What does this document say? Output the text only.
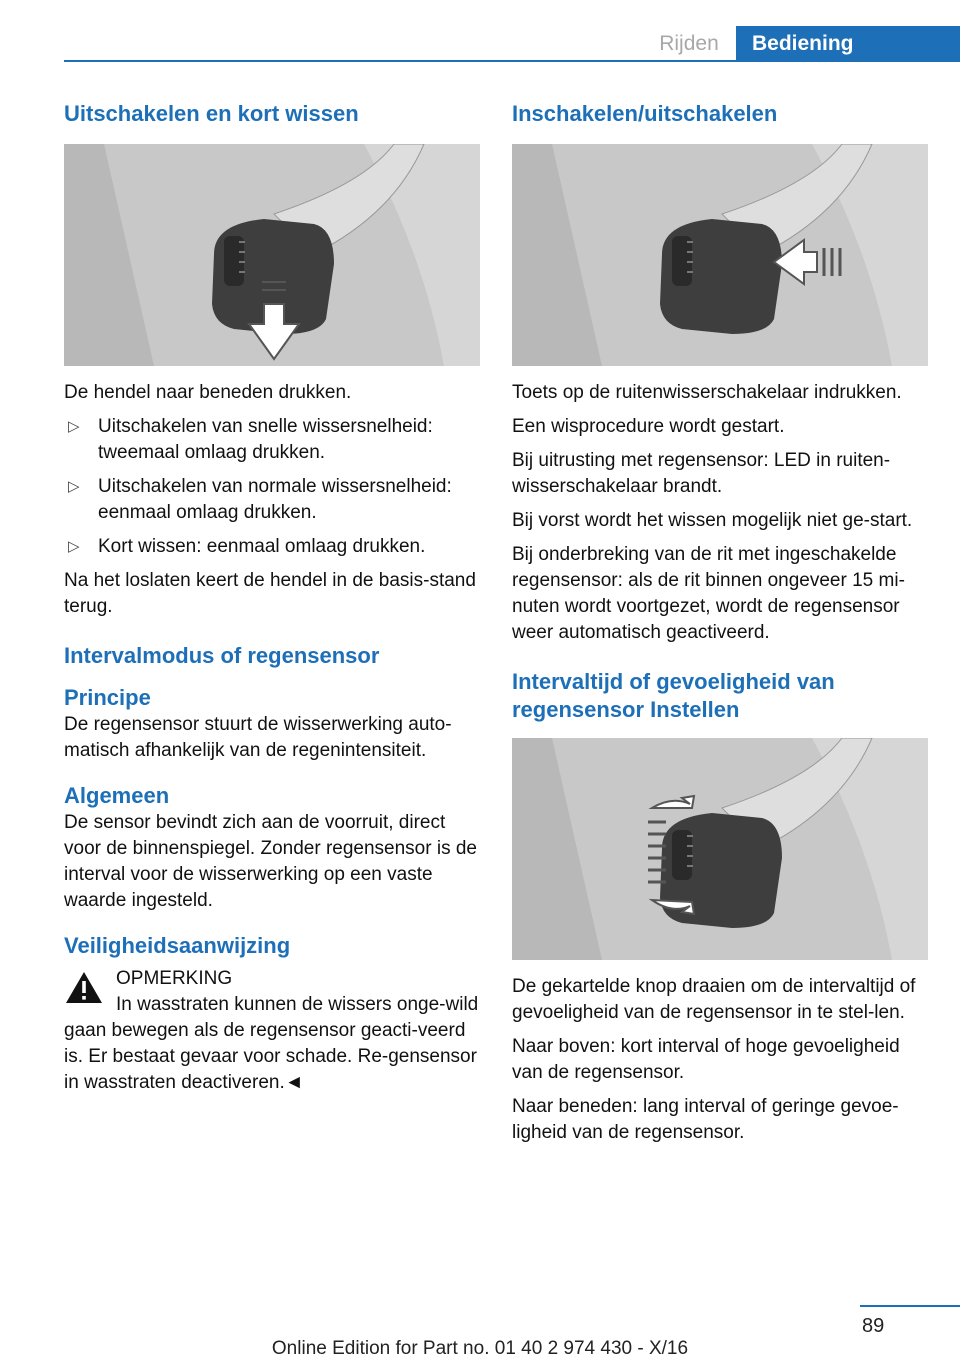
Rijden	Bediening
Uitschakelen en kort wissen

De hendel naar beneden drukken.

▷ Uitschakelen van snelle wissersnelheid: tweemaal omlaag drukken.
▷ Uitschakelen van normale wissersnelheid: eenmaal omlaag drukken.
▷ Kort wissen: eenmaal omlaag drukken.

Na het loslaten keert de hendel in de basis-stand terug.

Intervalmodus of regensensor
Principe

De regensensor stuurt de wisserwerking auto-matisch afhankelijk van de regenintensiteit.

Algemeen

De sensor bevindt zich aan de voorruit, direct voor de binnenspiegel. Zonder regensensor is de interval voor de wisserwerking op een vaste waarde ingesteld.

Veiligheidsaanwijzing
OPMERKING

In wasstraten kunnen de wissers onge-wild gaan bewegen als de regensensor geacti-veerd is. Er bestaat gevaar voor schade. Re-gensensor in wasstraten deactiveren.◄

Inschakelen/uitschakelen

Toets op de ruitenwisserschakelaar indrukken.

Een wisprocedure wordt gestart.

Bij uitrusting met regensensor: LED in ruiten-wisserschakelaar brandt.

Bij vorst wordt het wissen mogelijk niet ge-start.

Bij onderbreking van de rit met ingeschakelde regensensor: als de rit binnen ongeveer 15 mi-nuten wordt voortgezet, wordt de regensensor weer automatisch geactiveerd.

Intervaltijd of gevoeligheid van regensensor Instellen

De gekartelde knop draaien om de intervaltijd of gevoeligheid van de regensensor in te stel-len.

Naar boven: kort interval of hoge gevoeligheid van de regensensor.

Naar beneden: lang interval of geringe gevoe-ligheid van de regensensor.

89
Online Edition for Part no. 01 40 2 974 430 - X/16
